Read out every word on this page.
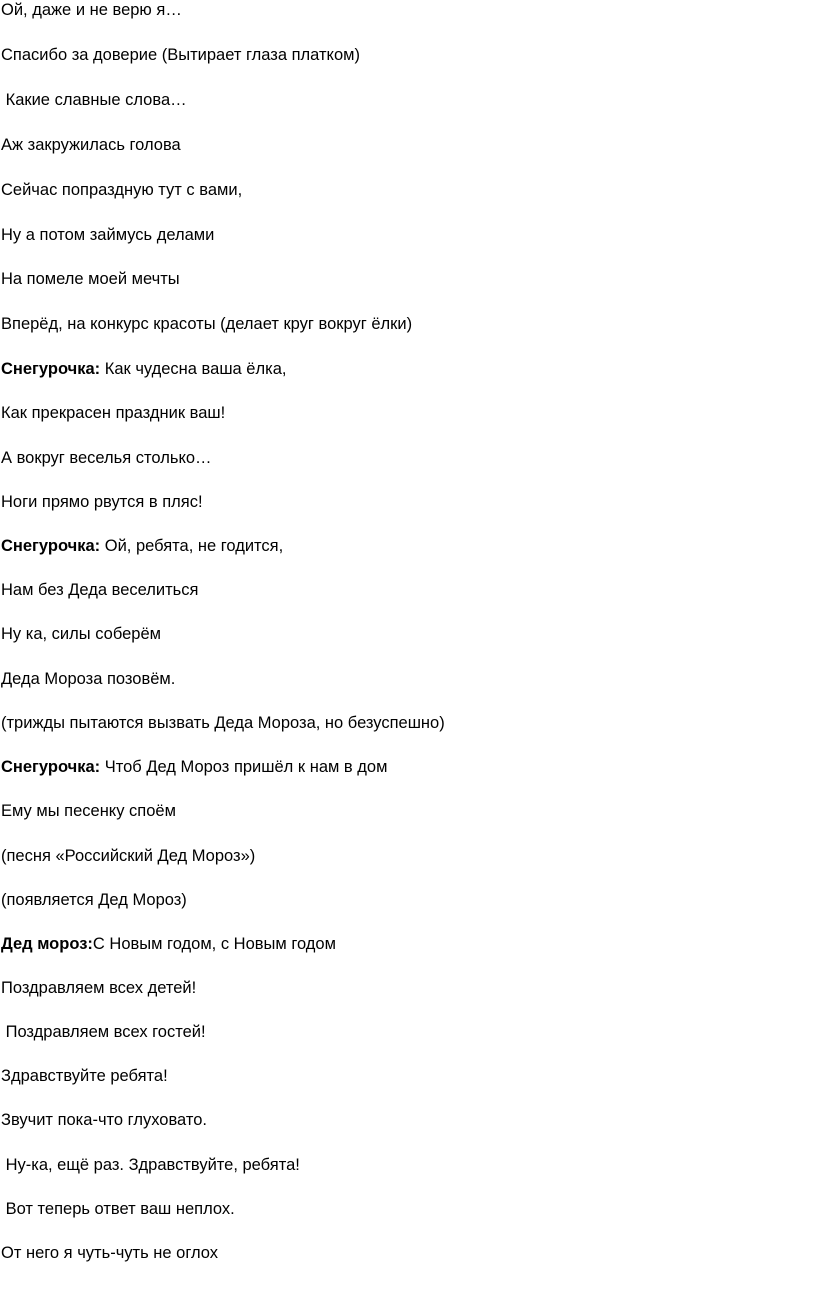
Ой, даже и не верю я…
Спасибо за доверие (Вытирает глаза платком)
Какие славные слова…
Аж закружилась голова
Сейчас попраздную тут с вами,
Ну а потом займусь делами
На помеле моей мечты
Вперёд, на конкурс красоты (делает круг вокруг ёлки)
Снегурочка: Как чудесна ваша ёлка,
Как прекрасен праздник ваш!
А вокруг веселья столько…
Ноги прямо рвутся в пляс!
Снегурочка: Ой, ребята, не годится,
Нам без Деда веселиться
Ну ка, силы соберём
Деда Мороза позовём.
(трижды пытаются вызвать Деда Мороза, но безуспешно)
Снегурочка: Чтоб Дед Мороз пришёл к нам в дом
Ему мы песенку споём
(песня «Российский Дед Мороз»)
(появляется Дед Мороз)
Дед мороз:С Новым годом, с Новым годом
Поздравляем всех детей!
Поздравляем всех гостей!
Здравствуйте ребята!
Звучит пока-что глуховато.
Ну-ка, ещё раз. Здравствуйте, ребята!
Вот теперь ответ ваш неплох.
От него я чуть-чуть не оглох
